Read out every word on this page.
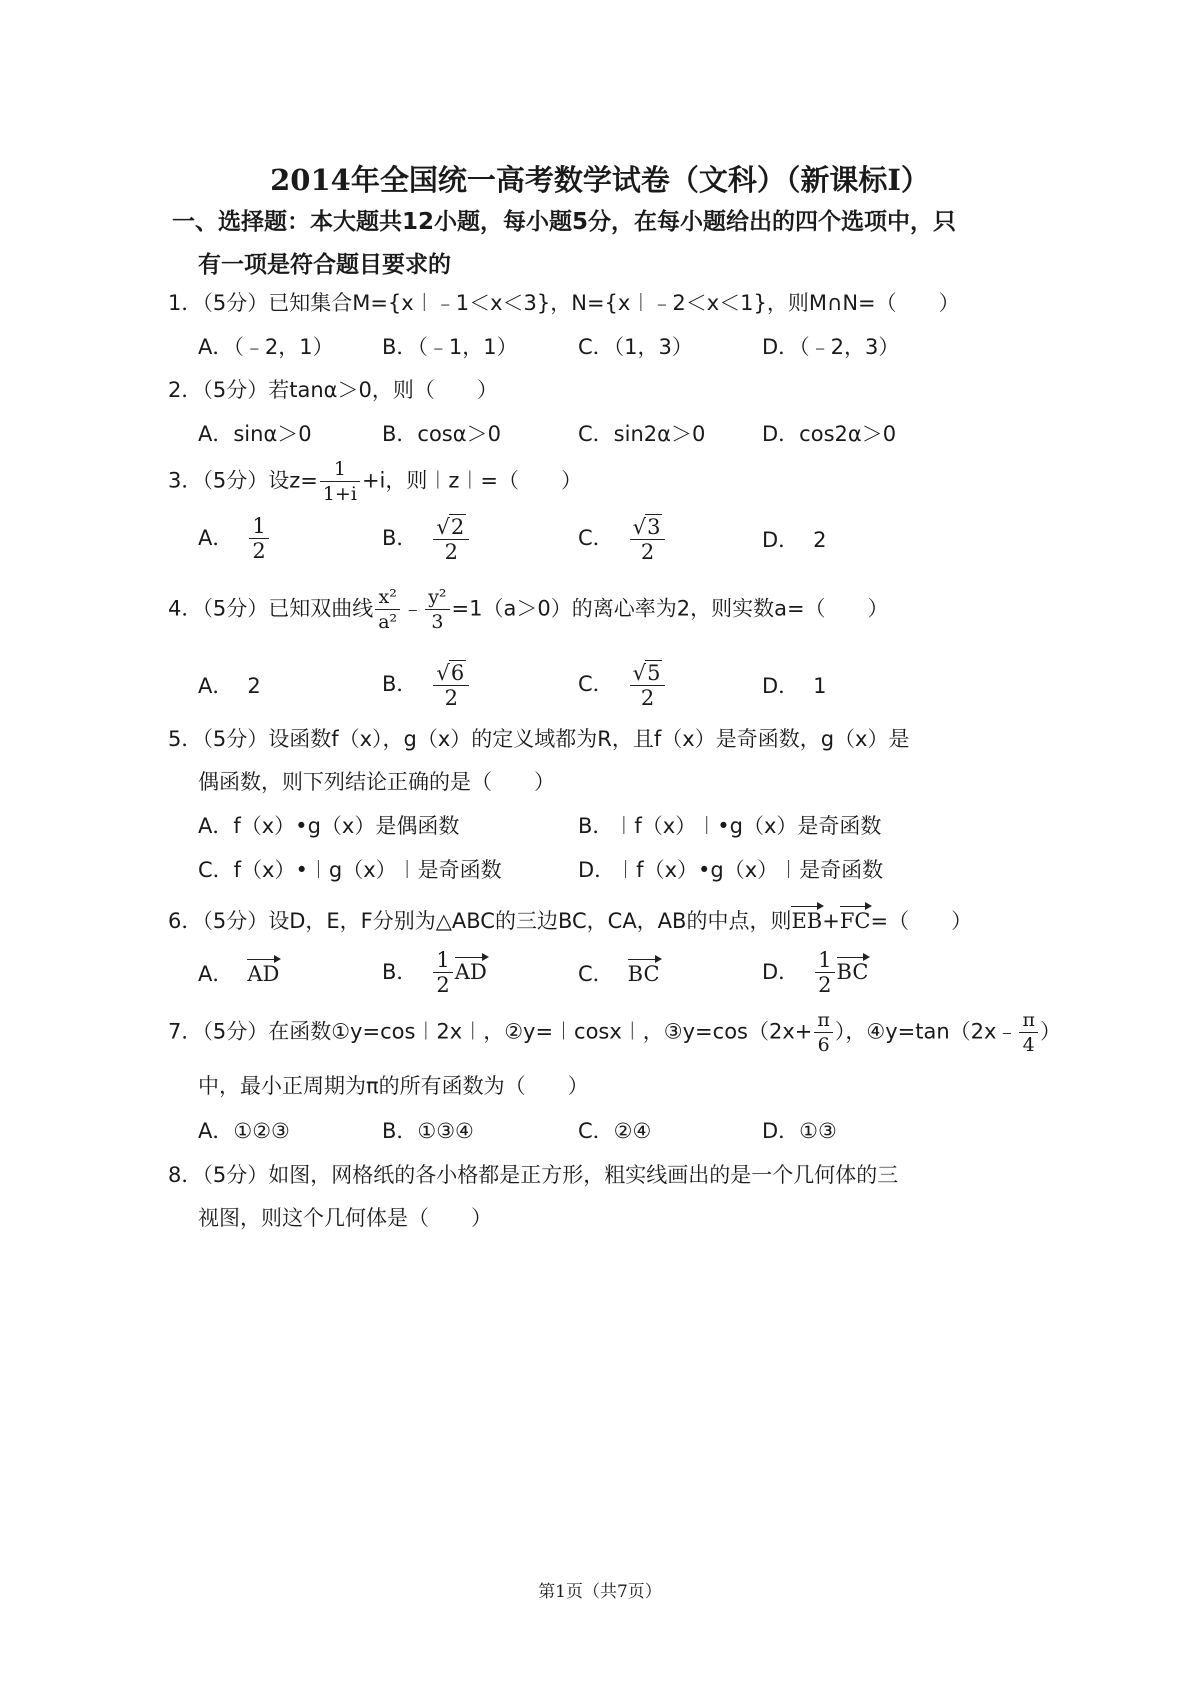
2014年全国统一高考数学试卷（文科）（新课标Ⅰ）
一、选择题：本大题共12小题，每小题5分，在每小题给出的四个选项中，只
有一项是符合题目要求的
1．（5分）已知集合M={x︱﹣1＜x＜3}，N={x︱﹣2＜x＜1}，则M∩N=（　　）
A．（﹣2，1） B．（﹣1，1）	C．（1，3）	D．（﹣2，3）
2．（5分）若tanα＞0，则（　　）
A．sinα＞0	B．cosα＞0	C．sin2α＞0	D．cos2α＞0
3．（5分）设$z= \frac{1}{1+i} +i$，则︱z︱=（　　）
A． $\frac{1}{2}$	B． $\frac{√2}{2}$	C． $\frac{√3}{2}$	D． 2
4．（5分）已知双曲线 $\frac{\text{x²}}{\text{a²}}$ ﹣ $\frac{\text{y²}}{3} =1(a>0)$的离心率为2，则实数a=（　　）
A． 2	B． $\frac{√6}{2}$	C． $\frac{√5}{2}$	D． 1
5．（5分）设函数f（x），g（x）的定义域都为R，且f（x）是奇函数，g（x）是
偶函数，则下列结论正确的是（　　）
A．f（x）•g（x）是偶函数	B．︱f（x）︱•g（x）是奇函数
C．f（x）•︱g（x）︱是奇函数	D．︱f（x）•g（x）︱是奇函数
6．（5分）设D，E，F分别为△ABC的三边BC，CA，AB的中点，则EB+FC=（　　）
A． AD	B． $\frac{1}{2}$ AD	C． BC	D． $\frac{1}{2}$ BC
7．（5分）在函数①y=cos︱2x︱，②y=︱cosx︱，③y=cos（2x+ $\frac{\pi}{6}$ ），④y=tan（2x﹣ $\frac{\pi}{4}$ ）
中，最小正周期为π的所有函数为（　　）
A．①②③	B．①③④	C．②④	D．①③
8．（5分）如图，网格纸的各小格都是正方形，粗实线画出的是一个几何体的三
视图，则这个几何体是（　　）
第1页（共7页）
